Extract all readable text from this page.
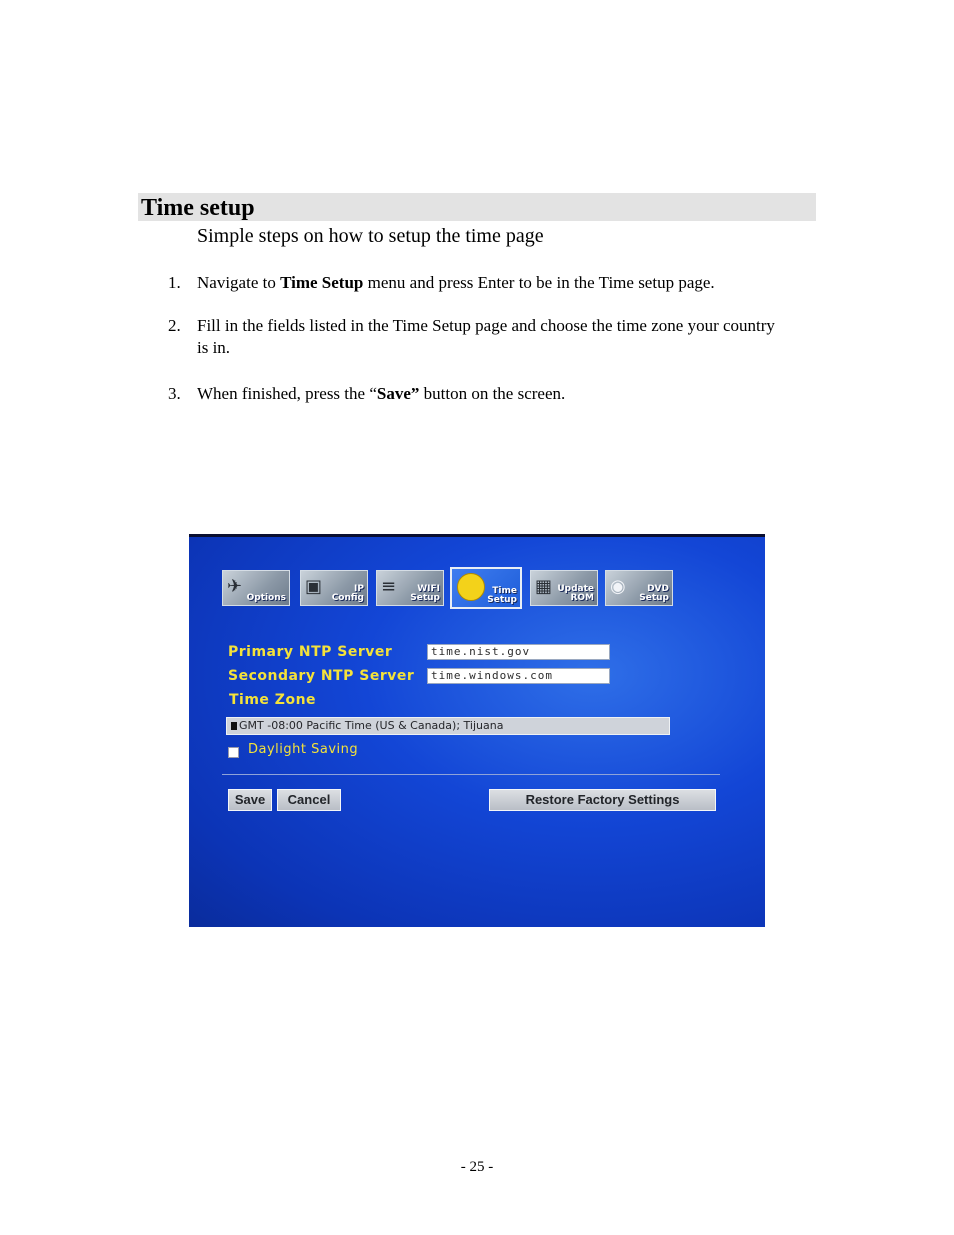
Time setup
Simple steps on how to setup the time page
1. Navigate to Time Setup menu and press Enter to be in the Time setup page.
2. Fill in the fields listed in the Time Setup page and choose the time zone your country is in.
3. When finished, press the “Save” button on the screen.
✈
Options
▣	IP
Config
≡	WIFI
Setup
Time
Setup
▦ Update
ROM
◉	DVD
Setup
Primary NTP Server	time.nist.gov
Secondary NTP Server	time.windows.com
Time Zone
GMT -08:00 Pacific Time (US & Canada); Tijuana
Daylight Saving
Save	Cancel	Restore Factory Settings
- 25 -
